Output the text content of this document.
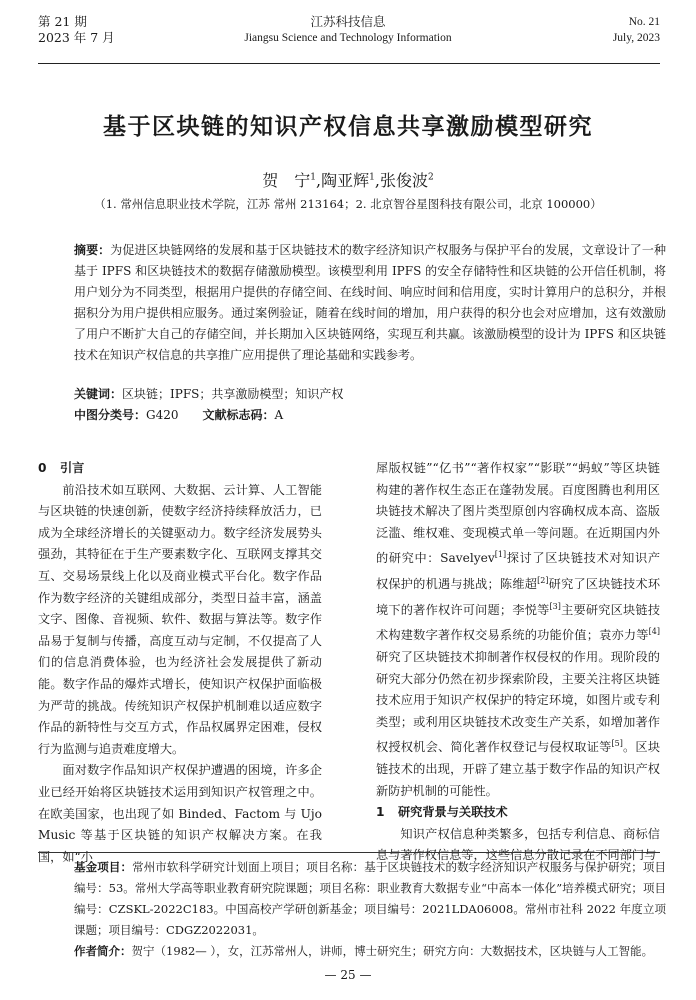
第 21 期
2023 年 7 月
江苏科技信息
Jiangsu Science and Technology Information
No. 21
July, 2023
基于区块链的知识产权信息共享激励模型研究
贺　宁$^1$,陶亚辉$^1$,张俊波$^2$
（1. 常州信息职业技术学院，江苏 常州 213164；2. 北京智谷星图科技有限公司，北京 100000）
摘要：为促进区块链网络的发展和基于区块链技术的数字经济知识产权服务与保护平台的发展，文章设计了一种基于 IPFS 和区块链技术的数据存储激励模型。该模型利用 IPFS 的安全存储特性和区块链的公开信任机制，将用户划分为不同类型，根据用户提供的存储空间、在线时间、响应时间和信用度，实时计算用户的总积分，并根据积分为用户提供相应服务。通过案例验证，随着在线时间的增加，用户获得的积分也会对应增加，这有效激励了用户不断扩大自己的存储空间，并长期加入区块链网络，实现互利共赢。该激励模型的设计为 IPFS 和区块链技术在知识产权信息的共享推广应用提供了理论基础和实践参考。
关键词：区块链；IPFS；共享激励模型；知识产权
中图分类号：G420 文献标志码：A

0 引言

前沿技术如互联网、大数据、云计算、人工智能与区块链的快速创新，使数字经济持续释放活力，已成为全球经济增长的关键驱动力。数字经济发展势头强劲，其特征在于生产要素数字化、互联网支撑其交互、交易场景线上化以及商业模式平台化。数字作品作为数字经济的关键组成部分，类型日益丰富，涵盖文字、图像、音视频、软件、数据与算法等。数字作品易于复制与传播，高度互动与定制，不仅提高了人们的信息消费体验，也为经济社会发展提供了新动能。数字作品的爆炸式增长，使知识产权保护面临极为严苛的挑战。传统知识产权保护机制难以适应数字作品的新特性与交互方式，作品权属界定困难，侵权行为监测与追责难度增大。

面对数字作品知识产权保护遭遇的困境，许多企业已经开始将区块链技术运用到知识产权管理之中。在欧美国家，也出现了如 Binded、Factom 与 Ujo Music 等基于区块链的知识产权解决方案。在我国，如“小

犀版权链”“亿书”“著作权家”“影联”“蚂蚁”等区块链构建的著作权生态正在蓬勃发展。百度图腾也利用区块链技术解决了图片类型原创内容确权成本高、盗版泛滥、维权难、变现模式单一等问题。在近期国内外的研究中：Savelyev[1]探讨了区块链技术对知识产权保护的机遇与挑战；陈维超[2]研究了区块链技术环境下的著作权许可问题；李悦等[3]主要研究区块链技术构建数字著作权交易系统的功能价值；袁亦力等[4]研究了区块链技术抑制著作权侵权的作用。现阶段的研究大部分仍然在初步探索阶段，主要关注将区块链技术应用于知识产权保护的特定环境，如图片或专利类型；或利用区块链技术改变生产关系，如增加著作权授权机会、简化著作权登记与侵权取证等[5]。区块链技术的出现，开辟了建立基于数字作品的知识产权新防护机制的可能性。

1 研究背景与关联技术

知识产权信息种类繁多，包括专利信息、商标信息与著作权信息等，这些信息分散记录在不同部门与

基金项目：常州市软科学研究计划面上项目；项目名称：基于区块链技术的数字经济知识产权服务与保护研究；项目编号：53。常州大学高等职业教育研究院课题；项目名称：职业教育大数据专业“中高本一体化”培养模式研究；项目编号：CZSKL-2022C183。中国高校产学研创新基金；项目编号：2021LDA06008。常州市社科 2022 年度立项课题；项目编号：CDGZ2022031。
作者简介：贺宁（1982— ），女，江苏常州人，讲师，博士研究生；研究方向：大数据技术，区块链与人工智能。
— 25 —
